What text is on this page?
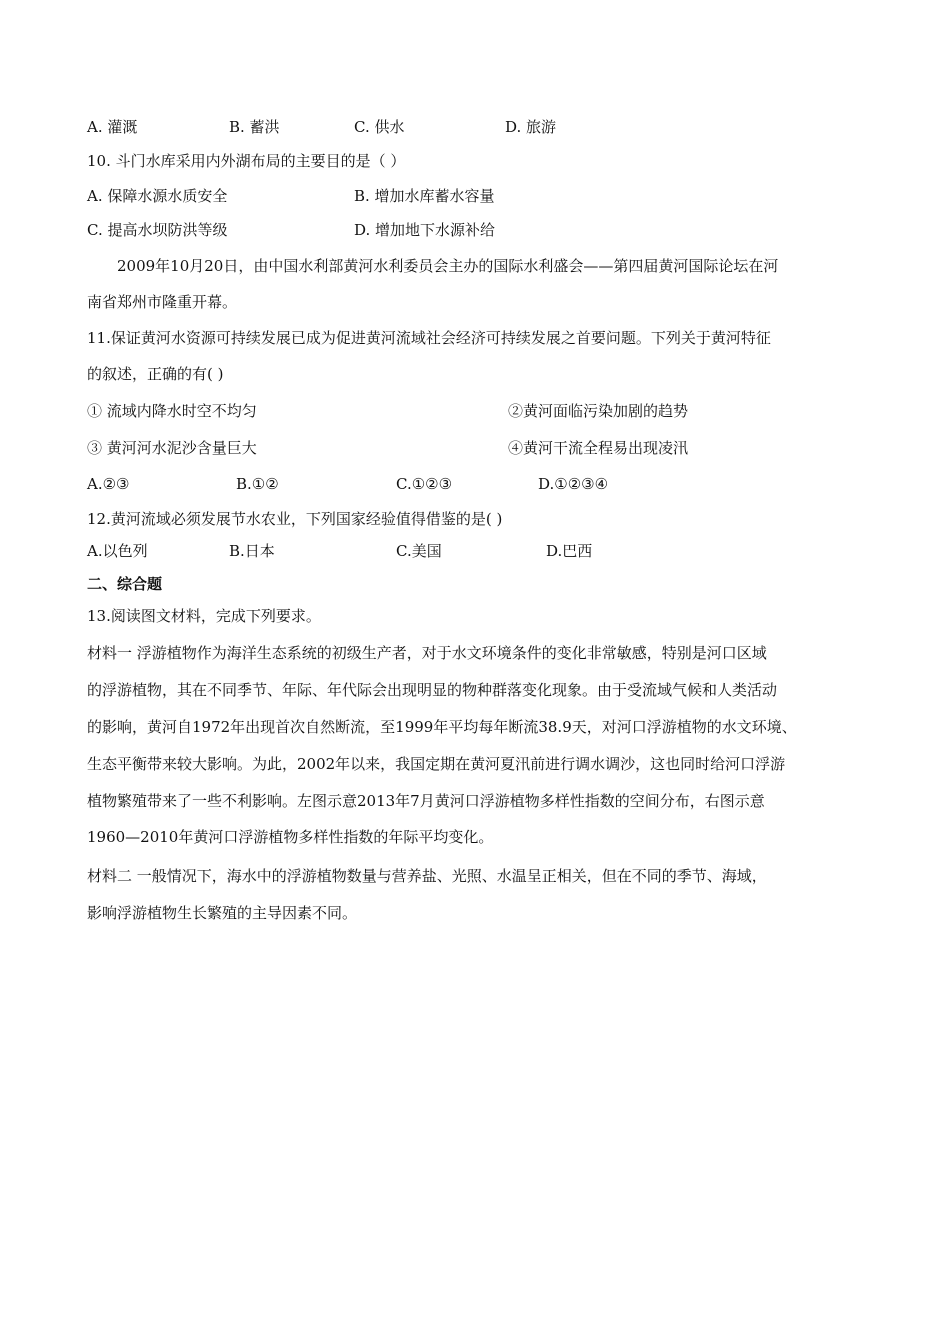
A. 灌溉	B. 蓄洪	C. 供水	D. 旅游
10. 斗门水库采用内外湖布局的主要目的是（ ）
A. 保障水源水质安全	B. 增加水库蓄水容量
C. 提高水坝防洪等级	D. 增加地下水源补给
2009年10月20日，由中国水利部黄河水利委员会主办的国际水利盛会——第四届黄河国际论坛在河
南省郑州市隆重开幕。
11.保证黄河水资源可持续发展已成为促进黄河流域社会经济可持续发展之首要问题。下列关于黄河特征
的叙述，正确的有( )
① 流域内降水时空不均匀	②黄河面临污染加剧的趋势
③ 黄河河水泥沙含量巨大	④黄河干流全程易出现凌汛
A.②③	B.①②	C.①②③	D.①②③④
12.黄河流域必须发展节水农业，下列国家经验值得借鉴的是( )
A.以色列	B.日本	C.美国	D.巴西
二、综合题
13.阅读图文材料，完成下列要求。
材料一 浮游植物作为海洋生态系统的初级生产者，对于水文环境条件的变化非常敏感，特别是河口区域
的浮游植物，其在不同季节、年际、年代际会出现明显的物种群落变化现象。由于受流域气候和人类活动
的影响，黄河自1972年出现首次自然断流，至1999年平均每年断流38.9天，对河口浮游植物的水文环境、
生态平衡带来较大影响。为此，2002年以来，我国定期在黄河夏汛前进行调水调沙，这也同时给河口浮游
植物繁殖带来了一些不利影响。左图示意2013年7月黄河口浮游植物多样性指数的空间分布，右图示意
1960—2010年黄河口浮游植物多样性指数的年际平均变化。
材料二 一般情况下，海水中的浮游植物数量与营养盐、光照、水温呈正相关，但在不同的季节、海域，
影响浮游植物生长繁殖的主导因素不同。
